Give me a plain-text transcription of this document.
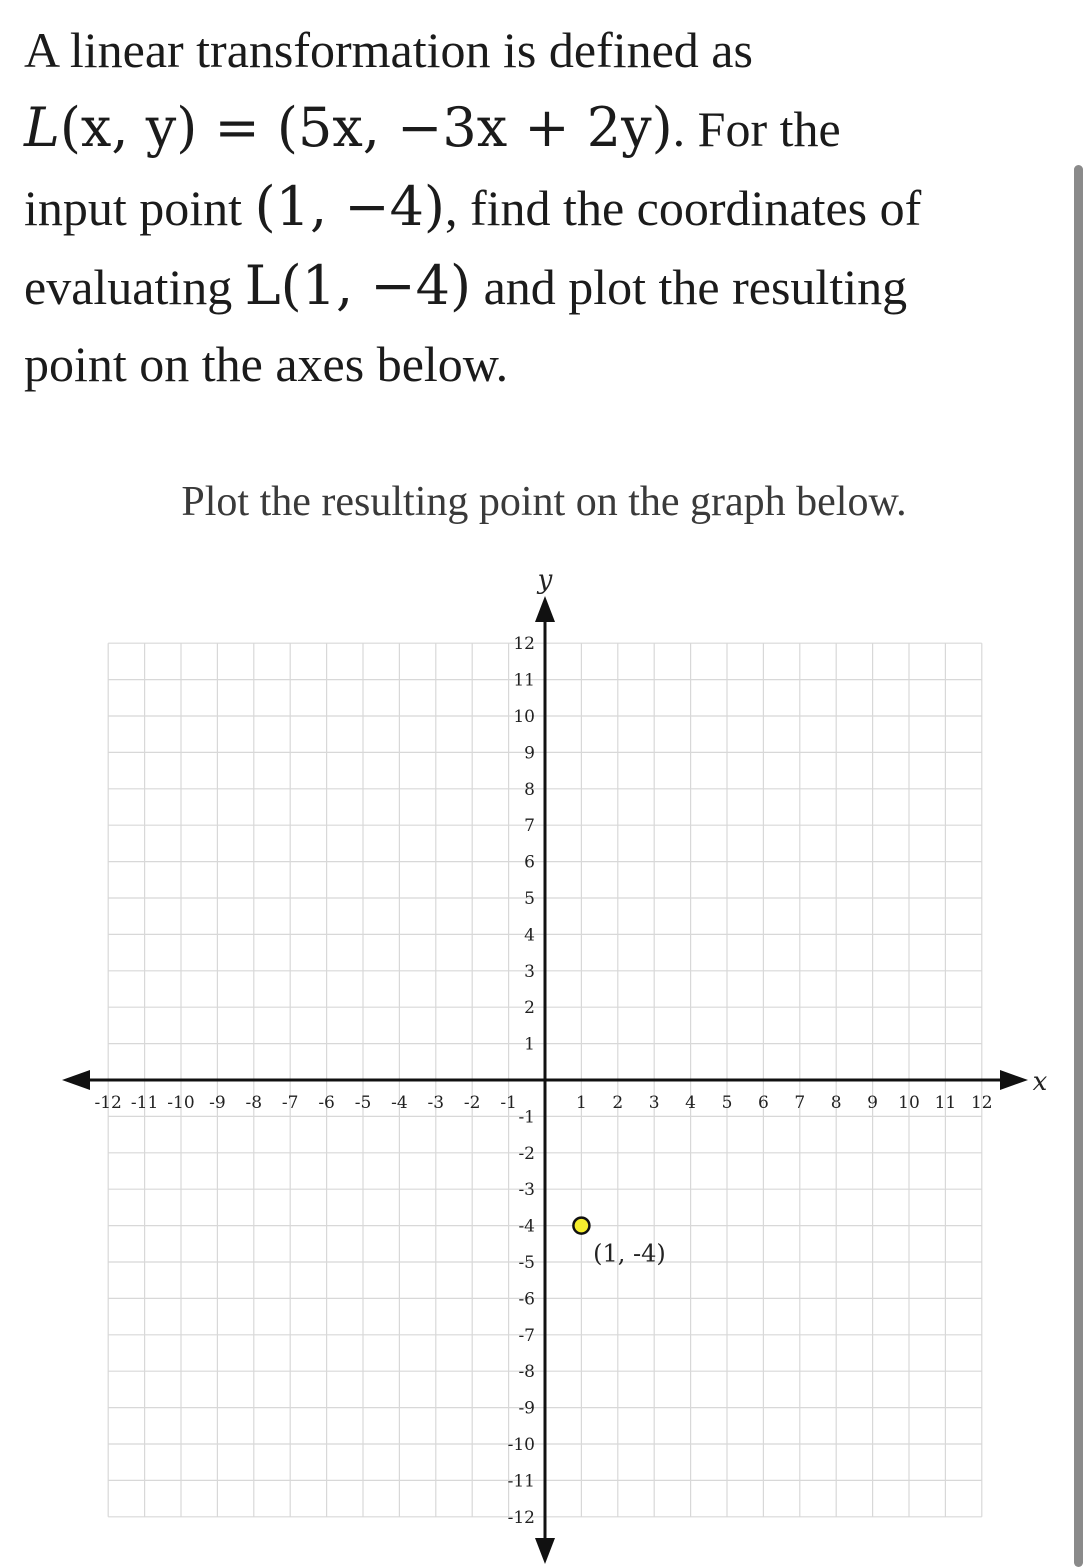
A linear transformation is defined as

L(x, y) = (5x, −3x + 2y). For the

input point (1, −4), find the coordinates of

evaluating L(1, −4) and plot the resulting

point on the axes below.

Plot the resulting point on the graph below.
x
y
-12 -11 -10 -9 -8 -7 -6 -5 -4 -3 -2 -1	1 2 3 4 5 6 7 8 9 10 11 12
-12
-11
-10
-9
-8
-7
-6
-5
-4
-3
-2
-1
1
2
3
4
5
6
7
8
9
10
11
12
(1, -4)
